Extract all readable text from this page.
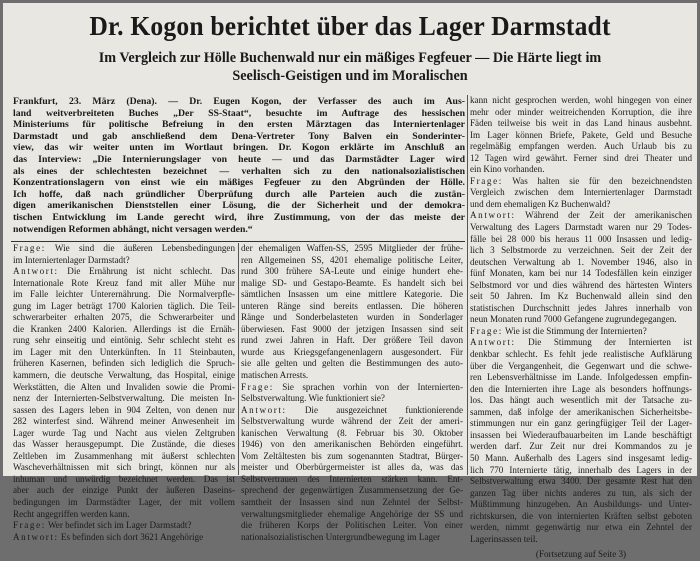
Dr. Kogon berichtet über das Lager Darmstadt
Im Vergleich zur Hölle Buchenwald nur ein mäßiges Fegfeuer — Die Härte liegt im
Seelisch-Geistigen und im Moralischen
Frankfurt, 23. März (Dena). — Dr. Eugen Kogon, der Verfasser des auch im Aus-
land weitverbreiteten Buches „Der SS-Staat“, besuchte im Auftrage des hessischen
Ministeriums für politische Befreiung in den ersten Märztagen das Interniertenlager
Darmstadt und gab anschließend dem Dena-Vertreter Tony Balven ein Sonderinter-
view, das wir weiter unten im Wortlaut bringen. Dr. Kogon erklärte im Anschluß an
das Interview: „Die Internierungslager von heute — und das Darmstädter Lager wird
als eines der schlechtesten bezeichnet — verhalten sich zu den nationalsozialistischen
Konzentrationslagern von einst wie ein mäßiges Fegfeuer zu den Abgründen der Hölle.
Ich hoffe, daß nach gründlicher Überprüfung durch alle Parteien auch die zustän-
digen amerikanischen Dienststellen einer Lösung, die der Sicherheit und der demokra-
tischen Entwicklung im Lande gerecht wird, ihre Zustimmung, von der das meiste der
notwendigen Reformen abhängt, nicht versagen werden.“
Frage: Wie sind die äußeren Lebensbedingungen
im Interniertenlager Darmstadt?
Antwort: Die Ernährung ist nicht schlecht. Das
Internationale Rote Kreuz fand mit aller Mühe nur
im Falle leichter Unterernährung. Die Normalverpfle-
gung im Lager beträgt 1700 Kalorien täglich. Die Teil-
schwerarbeiter erhalten 2075, die Schwerarbeiter und
die Kranken 2400 Kalorien. Allerdings ist die Ernäh-
rung sehr einseitig und eintönig. Sehr schlecht steht es
im Lager mit den Unterkünften. In 11 Steinbauten,
früheren Kasernen, befinden sich lediglich die Spruch-
kammern, die deutsche Verwaltung, das Hospital, einige
Werkstätten, die Alten und Invaliden sowie die Promi-
nenz der Internierten-Selbstverwaltung. Die meisten In-
sassen des Lagers leben in 904 Zelten, von denen nur
282 winterfest sind. Während meiner Anwesenheit im
Lager wurde Tag und Nacht aus vielen Zeltgruben
das Wasser herausgepumpt. Die Zustände, die dieses
Zeltleben im Zusammenhang mit äußerst schlechten
Wascheverhältnissen mit sich bringt, können nur als
inhuman und unwürdig bezeichnet werden. Das ist
aber auch der einzige Punkt der äußeren Daseins-
bedingungen im Darmstädter Lager, der mit vollem
Recht angegriffen werden kann.
Frage: Wer befindet sich im Lager Darmstadt?
Antwort: Es befinden sich dort 3621 Angehörige
der ehemaligen Waffen-SS, 2595 Mitglieder der frühe-
ren Allgemeinen SS, 4201 ehemalige politische Leiter,
rund 300 frühere SA-Leute und einige hundert ehe-
malige SD- und Gestapo-Beamte. Es handelt sich bei
sämtlichen Insassen um eine mittlere Kategorie. Die
unteren Ränge sind bereits entlassen. Die höheren
Ränge und Sonderbelasteten wurden in Sonderlager
überwiesen. Fast 9000 der jetzigen Insassen sind seit
rund zwei Jahren in Haft. Der größere Teil davon
wurde aus Kriegsgefangenenlagern ausgesondert. Für
sie alle gelten und gelten die Bestimmungen des auto-
matischen Arrests.
Frage: Sie sprachen vorhin von der Internierten-
Selbstverwaltung. Wie funktioniert sie?
Antwort: Die ausgezeichnet funktionierende
Selbstverwaltung wurde während der Zeit der ameri-
kanischen Verwaltung (8. Februar bis 30. Oktober
1946) von den amerikanischen Behörden eingeführt.
Vom Zeltältesten bis zum sogenannten Stadtrat, Bürger-
meister und Oberbürgermeister ist alles da, was das
Selbstvertrauen des Internierten stärken kann. Ent-
sprechend der gegenwärtigen Zusammensetzung der Ge-
samtheit der Insassen sind nun Zehntel der Selbst-
verwaltungsmitglieder ehemalige Angehörige der SS und
die früheren Korps der Politischen Leiter. Von einer
nationalsozialistischen Untergrundbewegung im Lager
kann nicht gesprochen werden, wohl hingegen von einer
mehr oder minder weitreichenden Korruption, die ihre
Fäden teilweise bis weit in das Land hinaus ausbehnt.
Im Lager können Briefe, Pakete, Geld und Besuche
regelmäßig empfangen werden. Auch Urlaub bis zu
12 Tagen wird gewährt. Ferner sind drei Theater und
ein Kino vorhanden.
Frage: Was halten sie für den bezeichnendsten
Vergleich zwischen dem Interniertenlager Darmstadt
und dem ehemaligen Kz Buchenwald?
Antwort: Während der Zeit der amerikanischen
Verwaltung des Lagers Darmstadt waren nur 29 Todes-
fälle bei 28 000 bis heraus 11 000 Insassen und ledig-
lich 3 Selbstmorde zu verzeichnen. Seit der Zeit der
deutschen Verwaltung ab 1. November 1946, also in
fünf Monaten, kam bei nur 14 Todesfällen kein einziger
Selbstmord vor und dies während des härtesten Winters
seit 50 Jahren. Im Kz Buchenwald allein sind den
statistischen Durchschnitt jedes Jahres innerhalb von
neun Monaten rund 7000 Gefangene zugrundegegangen.
Frage: Wie ist die Stimmung der Internierten?
Antwort: Die Stimmung der Internierten ist
denkbar schlecht. Es fehlt jede realistische Aufklärung
über die Vergangenheit, die Gegenwart und die schwe-
ren Lebensverhältnisse im Lande. Infolgedessen empfin-
den die Internierten ihre Lage als besonders hoffnungs-
los. Das hängt auch wesentlich mit der Tatsache zu-
sammen, daß infolge der amerikanischen Sicherheitsbe-
stimmungen nur ein ganz geringfügiger Teil der Lager-
insassen bei Wiederaufbauarbeiten im Lande beschäftigt
werden darf. Zur Zeit nur drei Kommandos zu je
50 Mann. Außerhalb des Lagers sind insgesamt ledig-
lich 770 Internierte tätig, innerhalb des Lagers in der
Selbstverwaltung etwa 3400. Der gesamte Rest hat den
ganzen Tag über nichts anderes zu tun, als sich der
Müßtimmung hinzugeben. An Ausbildungs- und Unter-
richtskursen, die von internierten Kräften selbst geboten
werden, nimmt gegenwärtig nur etwa ein Zehntel der
Lagerinsassen teil.
(Fortsetzung auf Seite 3)
